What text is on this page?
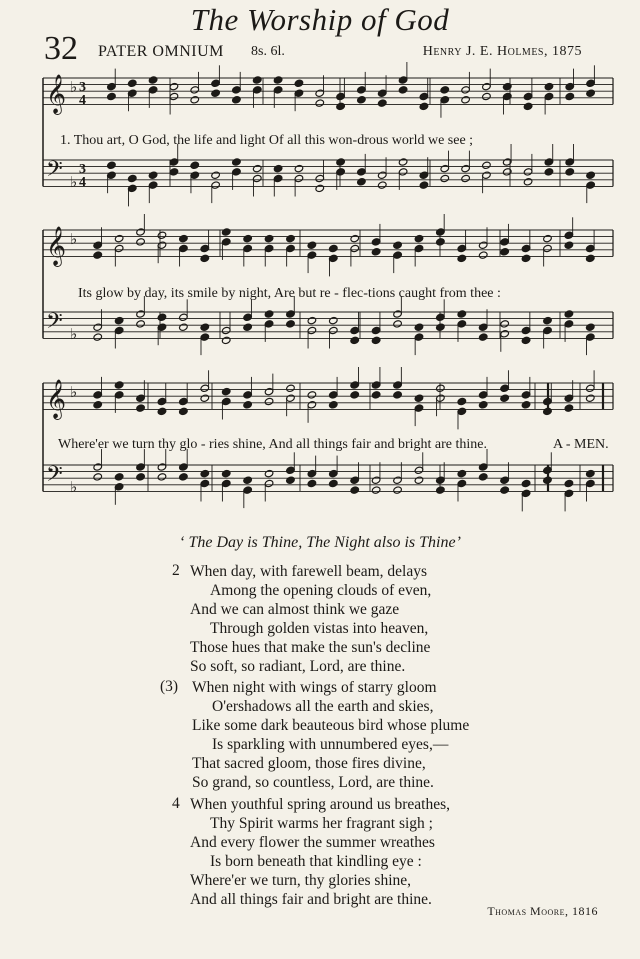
The Worship of God
32 PATER OMNIUM 8s. 6l.	Henry J. E. Holmes, 1875
𝄞 ♭ 3
4
𝄢 ♭
3
4
𝄞 ♭
𝄢 ♭
𝄞 ♭
𝄢 ♭
1. Thou art, O God, the life and light Of all this won-drous world we see ;
Its glow by day, its smile by night, Are but re - flec-tions caught from thee :
Where'er we turn thy glo - ries shine, And all things fair and bright are thine.	A - MEN.
‘ The Day is Thine, The Night also is Thine’
2 When day, with farewell beam, delays
Among the opening clouds of even,
And we can almost think we gaze
Through golden vistas into heaven,
Those hues that make the sun's decline
So soft, so radiant, Lord, are thine.
(3) When night with wings of starry gloom
O'ershadows all the earth and skies,
Like some dark beauteous bird whose plume
Is sparkling with unnumbered eyes,—
That sacred gloom, those fires divine,
So grand, so countless, Lord, are thine.
4 When youthful spring around us breathes,
Thy Spirit warms her fragrant sigh ;
And every flower the summer wreathes
Is born beneath that kindling eye :
Where'er we turn, thy glories shine,
And all things fair and bright are thine.
Thomas Moore, 1816
